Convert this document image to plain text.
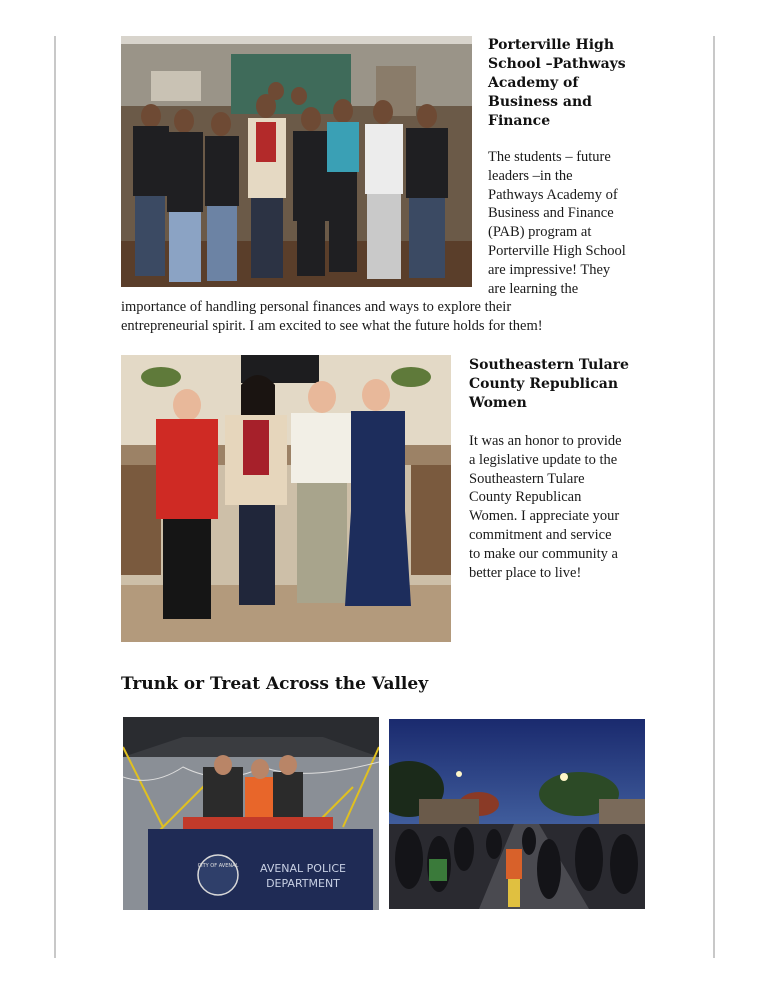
Porterville High
School –Pathways
Academy of
Business and
Finance

The students – future
leaders –in the
Pathways Academy of
Business and Finance
(PAB) program at
Porterville High School
are impressive! They
are learning the

importance of handling personal finances and ways to explore their
entrepreneurial spirit. I am excited to see what the future holds for them!

Southeastern Tulare
County Republican
Women

It was an honor to provide
a legislative update to the
Southeastern Tulare
County Republican
Women. I appreciate your
commitment and service
to make our community a
better place to live!

Trunk or Treat Across the Valley
CITY OF AVENAL AVENAL POLICE
DEPARTMENT
